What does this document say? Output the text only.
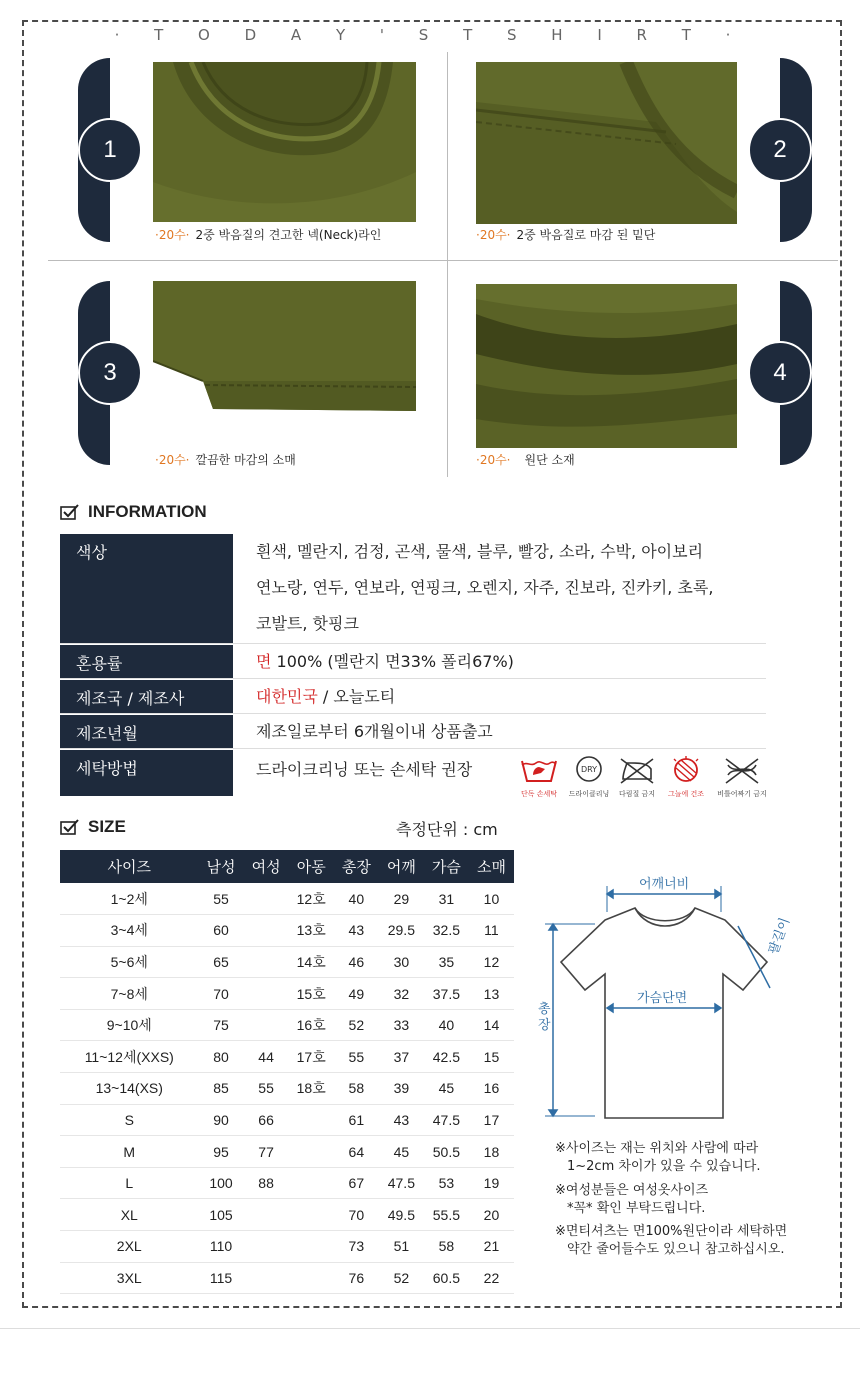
· T O D A Y ' S T S H I R T ·
1
·20수· 2중 박음질의 견고한 넥(Neck)라인
2
·20수· 2중 박음질로 마감 된 밑단
3
·20수· 깔끔한 마감의 소매
4
·20수· 원단 소재
INFORMATION
색상	흰색, 멜란지, 검정, 곤색, 물색, 블루, 빨강, 소라, 수박, 아이보리
연노랑, 연두, 연보라, 연핑크, 오렌지, 자주, 진보라, 진카키, 초록,
코발트, 핫핑크
혼용률	면 100% (멜란지 면33% 폴리67%)
제조국 / 제조사	대한민국 / 오늘도티
제조년월	제조일로부터 6개월이내 상품출고
세탁방법	드라이크리닝 또는 손세탁 권장
단독 손세탁
DRY
드라이클리닝	다림질 금지	그늘에 건조	비틀어짜기 금지
SIZE	측정단위 : cm
사이즈	남성	여성	아동	총장	어깨	가슴	소매
1~2세	55		12호	40	29	31	10
3~4세	60		13호	43	29.5	32.5	11
5~6세	65		14호	46	30	35	12
7~8세	70		15호	49	32	37.5	13
9~10세	75		16호	52	33	40	14
11~12세(XXS)	80	44	17호	55	37	42.5	15
13~14(XS)	85	55	18호	58	39	45	16
S	90	66		61	43	47.5	17
M	95	77		64	45	50.5	18
L	100	88		67	47.5	53	19
XL	105			70	49.5	55.5	20
2XL	110			73	51	58	21
3XL	115			76	52	60.5	22
어깨너비
가슴단면
팔길이
총
장
※사이즈는 재는 위치와 사람에 따라
1~2cm 차이가 있을 수 있습니다.
※여성분들은 여성옷사이즈
*꼭* 확인 부탁드립니다.
※면티셔츠는 면100%원단이라 세탁하면
약간 줄어들수도 있으니 참고하십시오.
